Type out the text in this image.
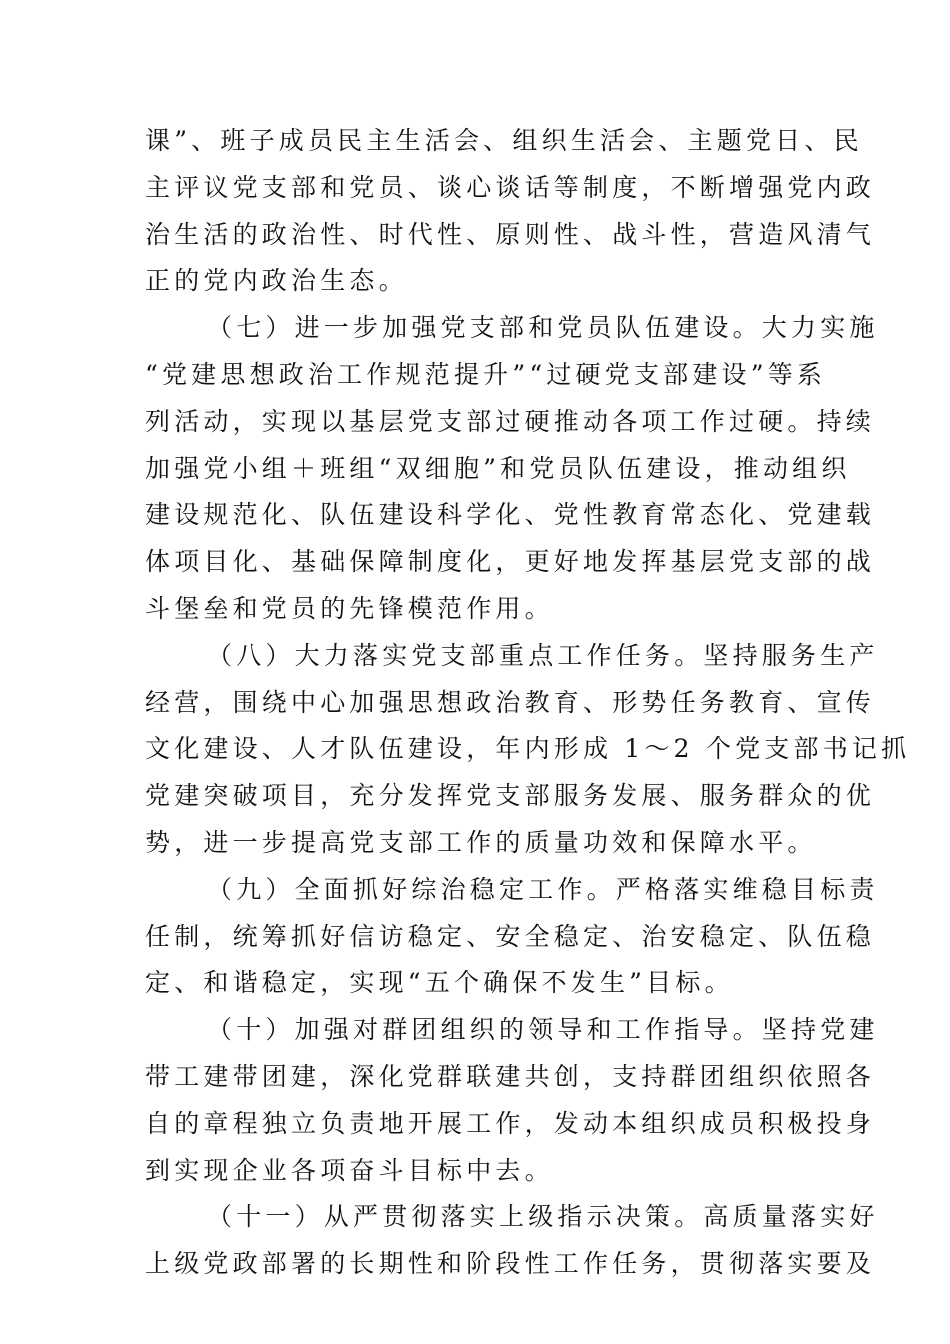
课”、班子成员民主生活会、组织生活会、主题党日、民
主评议党支部和党员、谈心谈话等制度，不断增强党内政
治生活的政治性、时代性、原则性、战斗性，营造风清气
正的党内政治生态。
（七）进一步加强党支部和党员队伍建设。大力实施
“党建思想政治工作规范提升”“过硬党支部建设”等系
列活动，实现以基层党支部过硬推动各项工作过硬。持续
加强党小组＋班组“双细胞”和党员队伍建设，推动组织
建设规范化、队伍建设科学化、党性教育常态化、党建载
体项目化、基础保障制度化，更好地发挥基层党支部的战
斗堡垒和党员的先锋模范作用。
（八）大力落实党支部重点工作任务。坚持服务生产
经营，围绕中心加强思想政治教育、形势任务教育、宣传
文化建设、人才队伍建设，年内形成 1～2 个党支部书记抓
党建突破项目，充分发挥党支部服务发展、服务群众的优
势，进一步提高党支部工作的质量功效和保障水平。
（九）全面抓好综治稳定工作。严格落实维稳目标责
任制，统筹抓好信访稳定、安全稳定、治安稳定、队伍稳
定、和谐稳定，实现“五个确保不发生”目标。
（十）加强对群团组织的领导和工作指导。坚持党建
带工建带团建，深化党群联建共创，支持群团组织依照各
自的章程独立负责地开展工作，发动本组织成员积极投身
到实现企业各项奋斗目标中去。
（十一）从严贯彻落实上级指示决策。高质量落实好
上级党政部署的长期性和阶段性工作任务，贯彻落实要及
